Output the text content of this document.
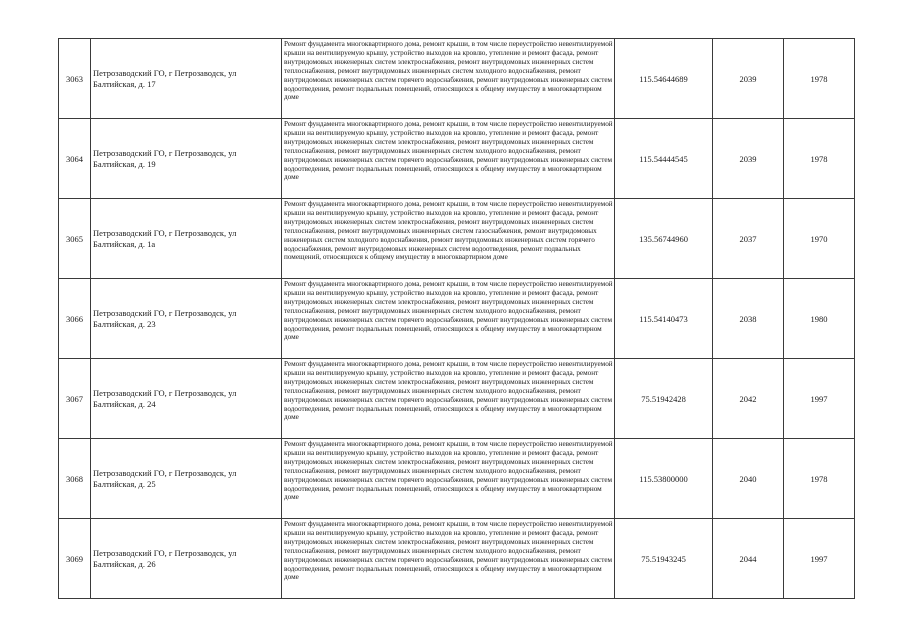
3063	Петрозаводский ГО, г Петрозаводск, ул Балтийская, д. 17	Ремонт фундамента многоквартирного дома, ремонт крыши, в том числе переустройство невентилируемой крыши на вентилируемую крышу, устройство выходов на кровлю, утепление и ремонт фасада, ремонт внутридомовых инженерных систем электроснабжения, ремонт внутридомовых инженерных систем теплоснабжения, ремонт внутридомовых инженерных систем холодного водоснабжения, ремонт внутридомовых инженерных систем горячего водоснабжения, ремонт внутридомовых инженерных систем водоотведения, ремонт подвальных помещений, относящихся к общему имуществу в многоквартирном доме	115.54644689	2039	1978
3064	Петрозаводский ГО, г Петрозаводск, ул Балтийская, д. 19	Ремонт фундамента многоквартирного дома, ремонт крыши, в том числе переустройство невентилируемой крыши на вентилируемую крышу, устройство выходов на кровлю, утепление и ремонт фасада, ремонт внутридомовых инженерных систем электроснабжения, ремонт внутридомовых инженерных систем теплоснабжения, ремонт внутридомовых инженерных систем холодного водоснабжения, ремонт внутридомовых инженерных систем горячего водоснабжения, ремонт внутридомовых инженерных систем водоотведения, ремонт подвальных помещений, относящихся к общему имуществу в многоквартирном доме	115.54444545	2039	1978
3065	Петрозаводский ГО, г Петрозаводск, ул Балтийская, д. 1а	Ремонт фундамента многоквартирного дома, ремонт крыши, в том числе переустройство невентилируемой крыши на вентилируемую крышу, устройство выходов на кровлю, утепление и ремонт фасада, ремонт внутридомовых инженерных систем электроснабжения, ремонт внутридомовых инженерных систем теплоснабжения, ремонт внутридомовых инженерных систем газоснабжения, ремонт внутридомовых инженерных систем холодного водоснабжения, ремонт внутридомовых инженерных систем горячего водоснабжения, ремонт внутридомовых инженерных систем водоотведения, ремонт подвальных помещений, относящихся к общему имуществу в многоквартирном доме	135.56744960	2037	1970
3066	Петрозаводский ГО, г Петрозаводск, ул Балтийская, д. 23	Ремонт фундамента многоквартирного дома, ремонт крыши, в том числе переустройство невентилируемой крыши на вентилируемую крышу, устройство выходов на кровлю, утепление и ремонт фасада, ремонт внутридомовых инженерных систем электроснабжения, ремонт внутридомовых инженерных систем теплоснабжения, ремонт внутридомовых инженерных систем холодного водоснабжения, ремонт внутридомовых инженерных систем горячего водоснабжения, ремонт внутридомовых инженерных систем водоотведения, ремонт подвальных помещений, относящихся к общему имуществу в многоквартирном доме	115.54140473	2038	1980
3067	Петрозаводский ГО, г Петрозаводск, ул Балтийская, д. 24	Ремонт фундамента многоквартирного дома, ремонт крыши, в том числе переустройство невентилируемой крыши на вентилируемую крышу, устройство выходов на кровлю, утепление и ремонт фасада, ремонт внутридомовых инженерных систем электроснабжения, ремонт внутридомовых инженерных систем теплоснабжения, ремонт внутридомовых инженерных систем холодного водоснабжения, ремонт внутридомовых инженерных систем горячего водоснабжения, ремонт внутридомовых инженерных систем водоотведения, ремонт подвальных помещений, относящихся к общему имуществу в многоквартирном доме	75.51942428	2042	1997
3068	Петрозаводский ГО, г Петрозаводск, ул Балтийская, д. 25	Ремонт фундамента многоквартирного дома, ремонт крыши, в том числе переустройство невентилируемой крыши на вентилируемую крышу, устройство выходов на кровлю, утепление и ремонт фасада, ремонт внутридомовых инженерных систем электроснабжения, ремонт внутридомовых инженерных систем теплоснабжения, ремонт внутридомовых инженерных систем холодного водоснабжения, ремонт внутридомовых инженерных систем горячего водоснабжения, ремонт внутридомовых инженерных систем водоотведения, ремонт подвальных помещений, относящихся к общему имуществу в многоквартирном доме	115.53800000	2040	1978
3069	Петрозаводский ГО, г Петрозаводск, ул Балтийская, д. 26	Ремонт фундамента многоквартирного дома, ремонт крыши, в том числе переустройство невентилируемой крыши на вентилируемую крышу, устройство выходов на кровлю, утепление и ремонт фасада, ремонт внутридомовых инженерных систем электроснабжения, ремонт внутридомовых инженерных систем теплоснабжения, ремонт внутридомовых инженерных систем холодного водоснабжения, ремонт внутридомовых инженерных систем горячего водоснабжения, ремонт внутридомовых инженерных систем водоотведения, ремонт подвальных помещений, относящихся к общему имуществу в многоквартирном доме	75.51943245	2044	1997
